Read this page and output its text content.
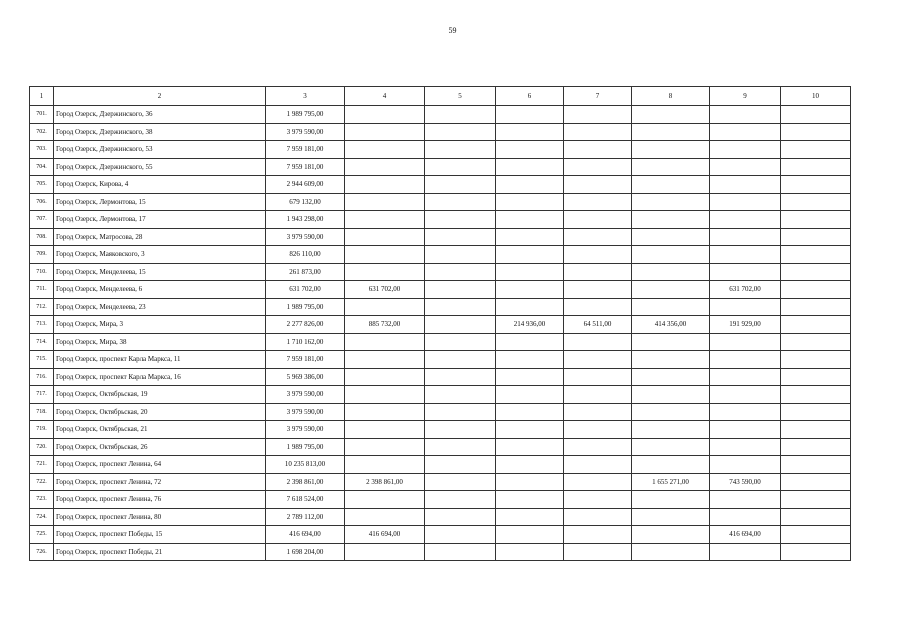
59
1	2	3	4	5	6	7	8	9	10
701.	Город Озерск, Дзержинского, 36	1 989 795,00							
702.	Город Озерск, Дзержинского, 38	3 979 590,00							
703.	Город Озерск, Дзержинского, 53	7 959 181,00							
704.	Город Озерск, Дзержинского, 55	7 959 181,00							
705.	Город Озерск, Кирова, 4	2 944 609,00							
706.	Город Озерск, Лермонтова, 15	679 132,00							
707.	Город Озерск, Лермонтова, 17	1 943 298,00							
708.	Город Озерск, Матросова, 28	3 979 590,00							
709.	Город Озерск, Маяковского, 3	826 110,00							
710.	Город Озерск, Менделеева, 15	261 873,00							
711.	Город Озерск, Менделеева, 6	631 702,00	631 702,00					631 702,00	
712.	Город Озерск, Менделеева, 23	1 989 795,00							
713.	Город Озерск, Мира, 3	2 277 826,00	885 732,00		214 936,00	64 511,00	414 356,00	191 929,00	
714.	Город Озерск, Мира, 38	1 710 162,00							
715.	Город Озерск, проспект Карла Маркса, 11	7 959 181,00							
716.	Город Озерск, проспект Карла Маркса, 16	5 969 386,00							
717.	Город Озерск, Октябрьская, 19	3 979 590,00							
718.	Город Озерск, Октябрьская, 20	3 979 590,00							
719.	Город Озерск, Октябрьская, 21	3 979 590,00							
720.	Город Озерск, Октябрьская, 26	1 989 795,00							
721.	Город Озерск, проспект Ленина, 64	10 235 813,00							
722.	Город Озерск, проспект Ленина, 72	2 398 861,00	2 398 861,00				1 655 271,00	743 590,00	
723.	Город Озерск, проспект Ленина, 76	7 618 524,00							
724.	Город Озерск, проспект Ленина, 80	2 789 112,00							
725.	Город Озерск, проспект Победы, 15	416 694,00	416 694,00					416 694,00	
726.	Город Озерск, проспект Победы, 21	1 698 204,00							
